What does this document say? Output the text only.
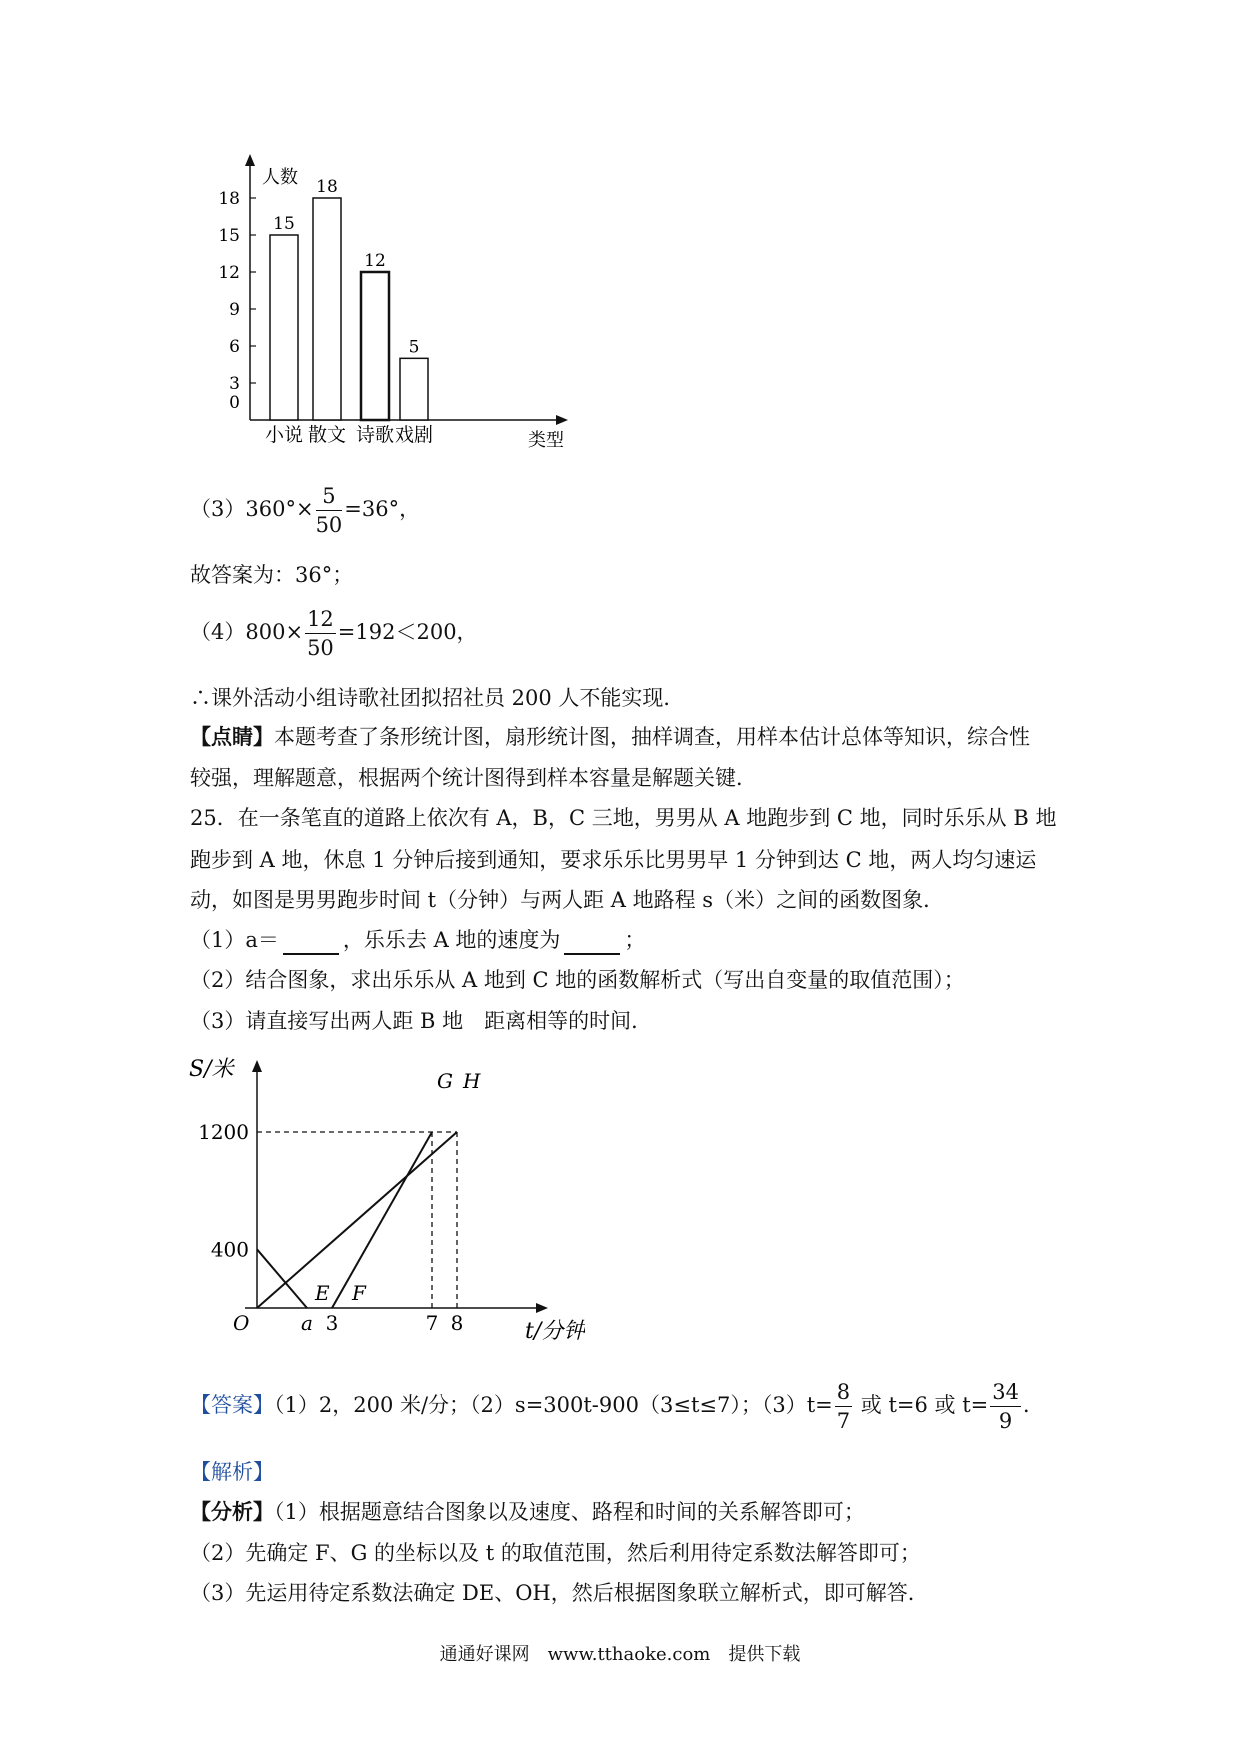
人数
类型
0
3
6
9
12
15
18
15
18
12
5
小说 散文 诗歌 戏剧
$(3)360^\circ\times \frac{5}{50} =36^\circ$，
故答案为：36°；
$(4)800\times \frac{12}{50} =192<200$，
∴课外活动小组诗歌社团拟招社员 200 人不能实现．
【点睛】本题考查了条形统计图，扇形统计图，抽样调查，用样本估计总体等知识，综合性
较强，理解题意，根据两个统计图得到样本容量是解题关键．
25．在一条笔直的道路上依次有 A，B，C 三地，男男从 A 地跑步到 C 地，同时乐乐从 B 地
跑步到 A 地，休息 1 分钟后接到通知，要求乐乐比男男早 1 分钟到达 C 地，两人均匀速运
动，如图是男男跑步时间 t（分钟）与两人距 A 地路程 s（米）之间的函数图象．
（1）a＝	，乐乐去 A 地的速度为	；
（2）结合图象，求出乐乐从 A 地到 C 地的函数解析式（写出自变量的取值范围）；
（3）请直接写出两人距 B 地　距离相等的时间．
S/米
t/分钟
O
400
1200
a 3	7 8
E F
G H
【答案】（1）2，200 米/分；（2）s=300t-900（3≤t≤7）；$(3)t= \frac{8}{7}$ 或 t=6 或 $t= \frac{34}{9}$ ．
【解析】
【分析】（1）根据题意结合图象以及速度、路程和时间的关系解答即可；
（2）先确定 F、G 的坐标以及 t 的取值范围，然后利用待定系数法解答即可；
（3）先运用待定系数法确定 DE、OH，然后根据图象联立解析式，即可解答．
通通好课网　www.tthaoke.com　提供下载
